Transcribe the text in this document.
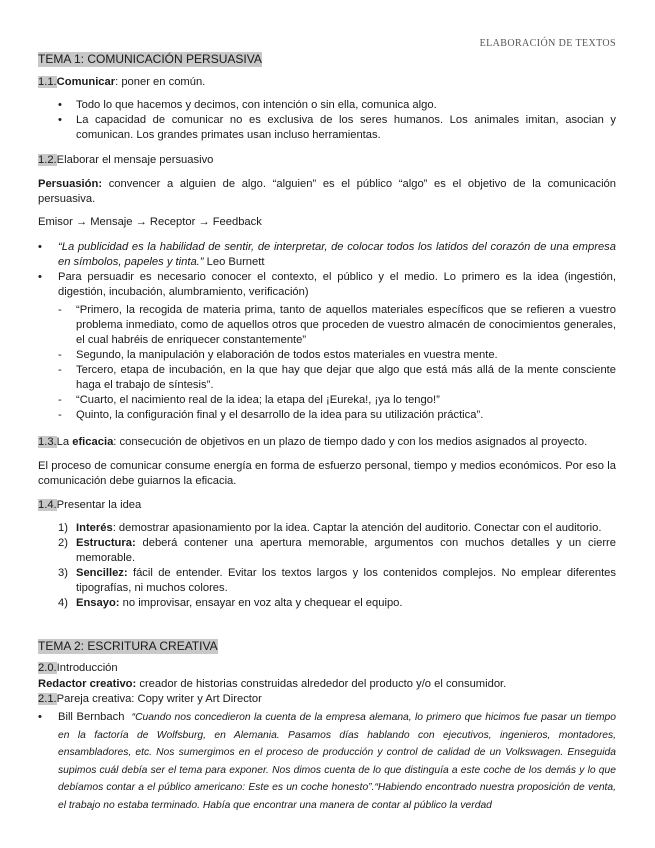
ELABORACIÓN DE TEXTOS
TEMA 1: COMUNICACIÓN PERSUASIVA

1.1.Comunicar: poner en común.

• Todo lo que hacemos y decimos, con intención o sin ella, comunica algo.
• La capacidad de comunicar no es exclusiva de los seres humanos. Los animales imitan, asocian y comunican. Los grandes primates usan incluso herramientas.

1.2.Elaborar el mensaje persuasivo

Persuasión: convencer a alguien de algo. “alguien” es el público “algo” es el objetivo de la comunicación persuasiva.

Emisor → Mensaje → Receptor → Feedback

• “La publicidad es la habilidad de sentir, de interpretar, de colocar todos los latidos del corazón de una empresa en símbolos, papeles y tinta.” Leo Burnett
• Para persuadir es necesario conocer el contexto, el público y el medio. Lo primero es la idea (ingestión, digestión, incubación, alumbramiento, verificación)
- “Primero, la recogida de materia prima, tanto de aquellos materiales específicos que se refieren a vuestro problema inmediato, como de aquellos otros que proceden de vuestro almacén de conocimientos generales, el cual habréis de enriquecer constantemente”
- Segundo, la manipulación y elaboración de todos estos materiales en vuestra mente.
- Tercero, etapa de incubación, en la que hay que dejar que algo que está más allá de la mente consciente haga el trabajo de síntesis”.
- “Cuarto, el nacimiento real de la idea; la etapa del ¡Eureka!, ¡ya lo tengo!”
- Quinto, la configuración final y el desarrollo de la idea para su utilización práctica”.

1.3.La eficacia: consecución de objetivos en un plazo de tiempo dado y con los medios asignados al proyecto.

El proceso de comunicar consume energía en forma de esfuerzo personal, tiempo y medios económicos. Por eso la comunicación debe guiarnos la eficacia.

1.4.Presentar la idea

1) Interés: demostrar apasionamiento por la idea. Captar la atención del auditorio. Conectar con el auditorio.
2) Estructura: deberá contener una apertura memorable, argumentos con muchos detalles y un cierre memorable.
3) Sencillez: fácil de entender. Evitar los textos largos y los contenidos complejos. No emplear diferentes tipografías, ni muchos colores.
4) Ensayo: no improvisar, ensayar en voz alta y chequear el equipo.
TEMA 2: ESCRITURA CREATIVA

2.0.Introducción

Redactor creativo: creador de historias construidas alrededor del producto y/o el consumidor.

2.1.Pareja creativa: Copy writer y Art Director

• Bill Bernbach “Cuando nos concedieron la cuenta de la empresa alemana, lo primero que hicimos fue pasar un tiempo en la factoría de Wolfsburg, en Alemania. Pasamos días hablando con ejecutivos, ingenieros, montadores, ensambladores, etc. Nos sumergimos en el proceso de producción y control de calidad de un Volkswagen. Enseguida supimos cuál debía ser el tema para exponer. Nos dimos cuenta de lo que distinguía a este coche de los demás y lo que debíamos contar a el público americano: Este es un coche honesto”.“Habiendo encontrado nuestra proposición de venta, el trabajo no estaba terminado. Había que encontrar una manera de contar al público la verdad
